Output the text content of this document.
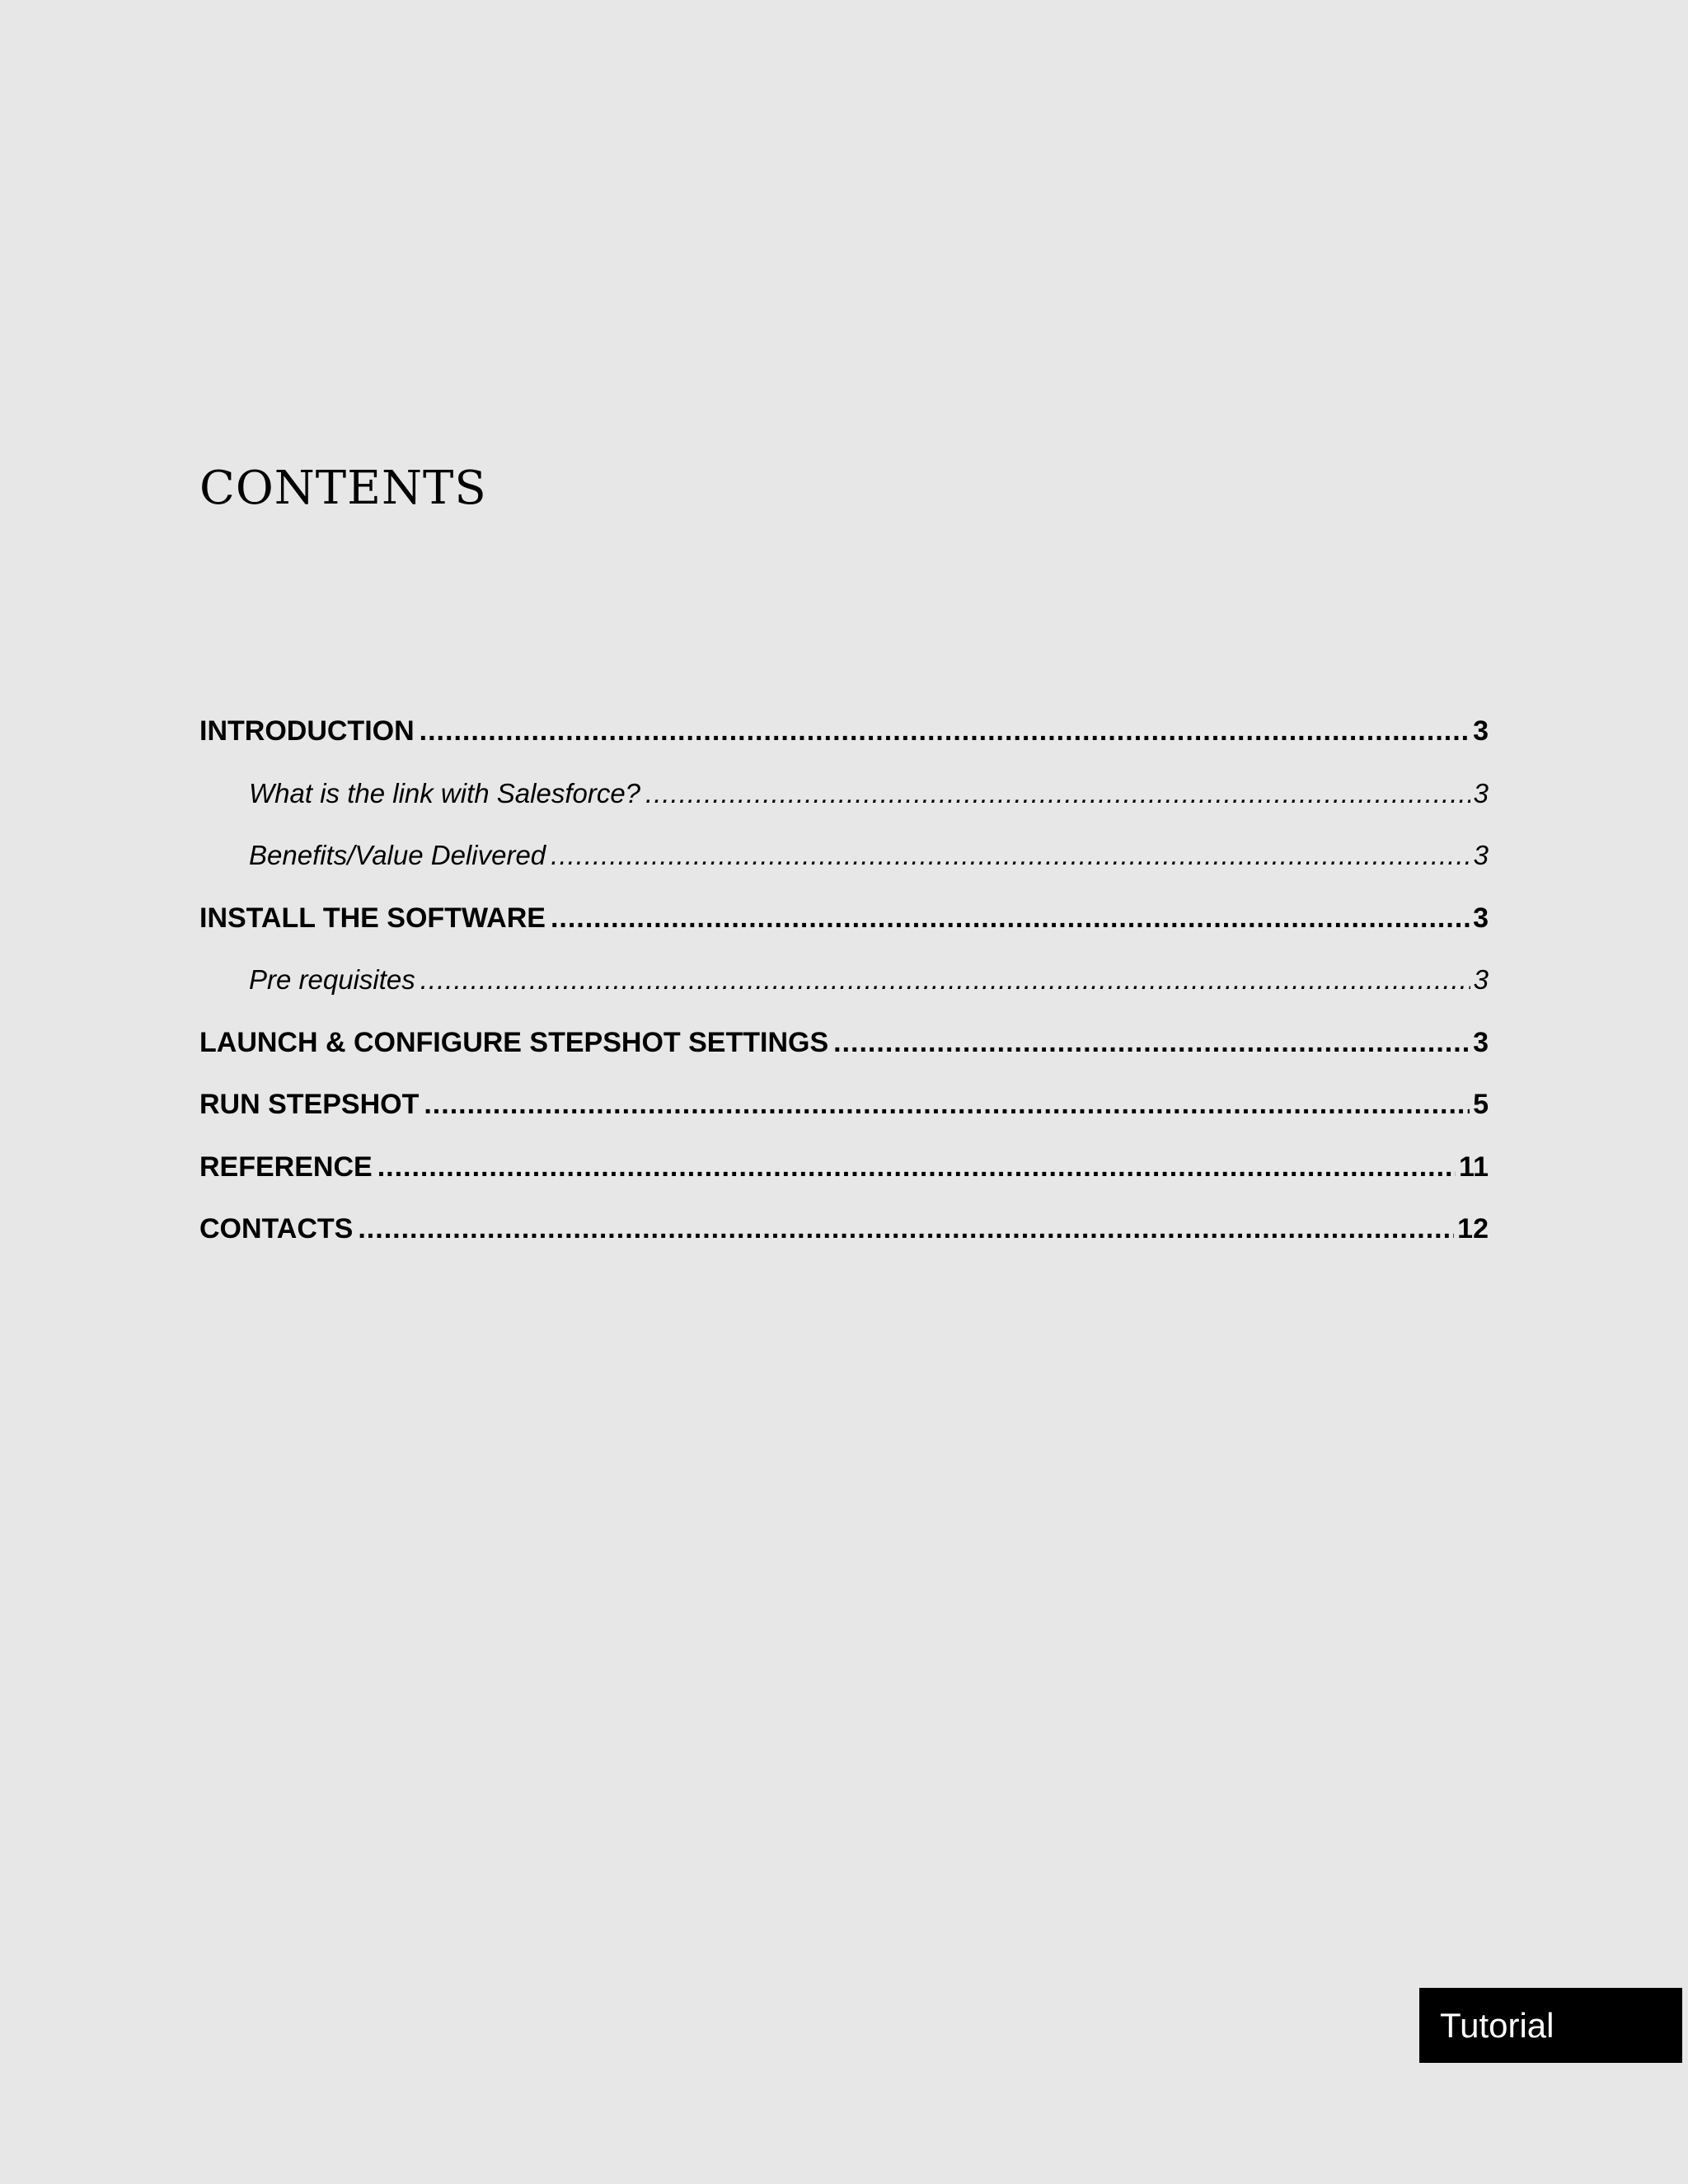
CONTENTS
INTRODUCTION .....	3
What is the link with Salesforce? .....	3
Benefits/Value Delivered .....	3
INSTALL THE SOFTWARE .....	3
Pre requisites .....	3
LAUNCH & CONFIGURE STEPSHOT SETTINGS .....	3
RUN STEPSHOT .....	5
REFERENCE .....	11
CONTACTS .....	12
Tutorial
